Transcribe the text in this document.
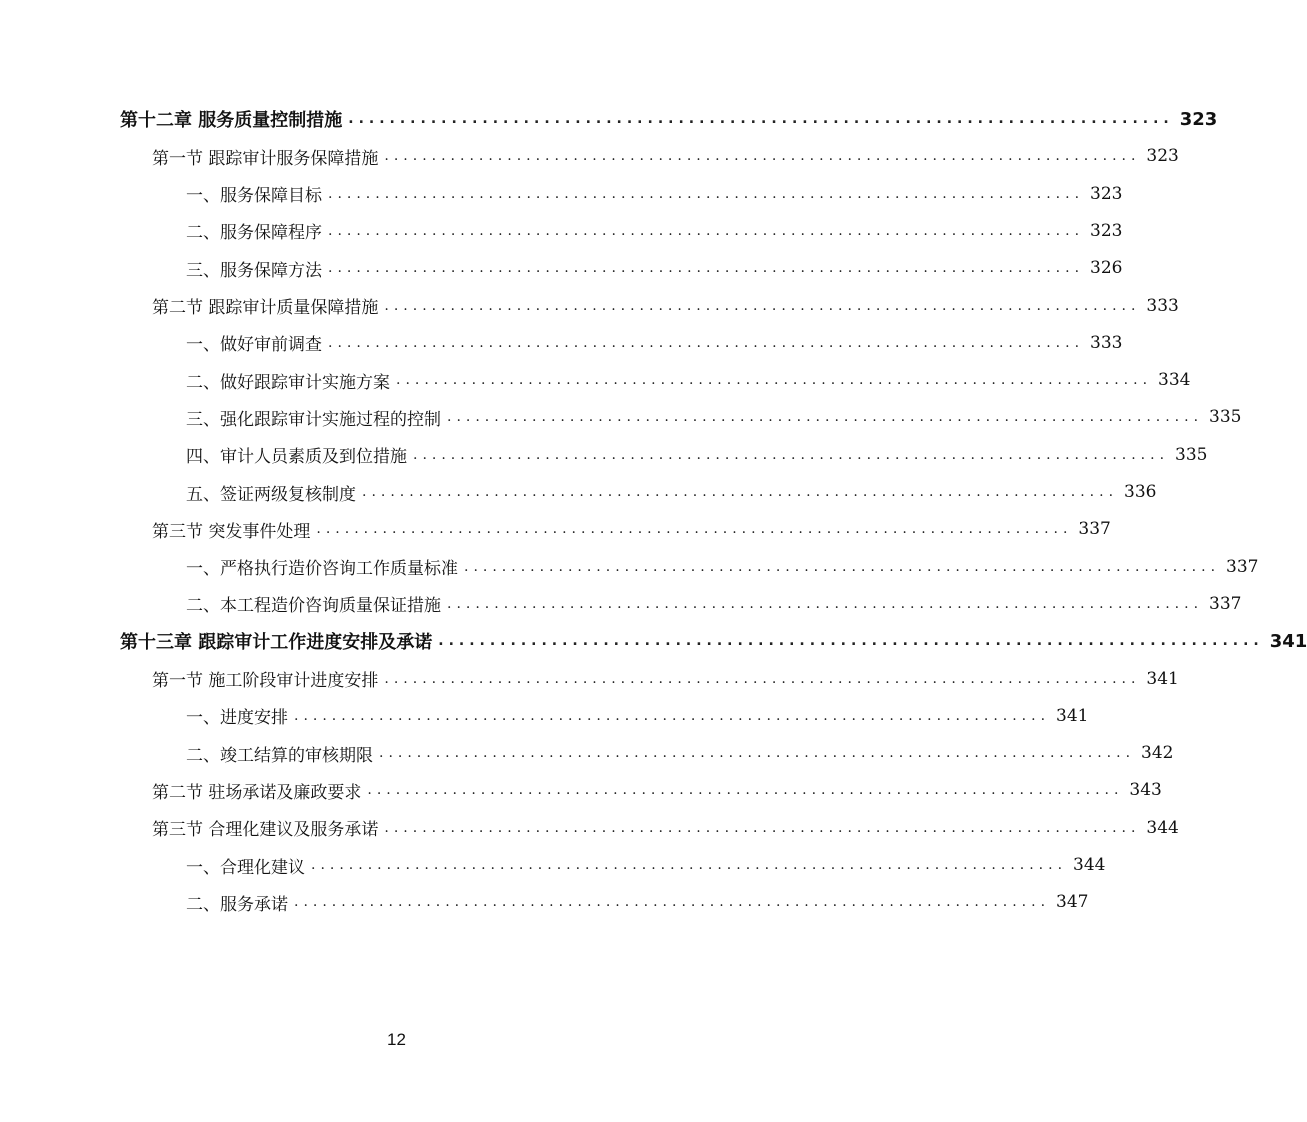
第十二章 服务质量控制措施 ................................................................................ 323
第一节 跟踪审计服务保障措施 ................................................................................ 323
一、服务保障目标 ................................................................................ 323
二、服务保障程序 ................................................................................ 323
三、服务保障方法 ................................................................................ 326
第二节 跟踪审计质量保障措施 ................................................................................ 333
一、做好审前调查 ................................................................................ 333
二、做好跟踪审计实施方案 ................................................................................ 334
三、强化跟踪审计实施过程的控制 ................................................................................ 335
四、审计人员素质及到位措施 ................................................................................ 335
五、签证两级复核制度 ................................................................................ 336
第三节 突发事件处理 ................................................................................ 337
一、严格执行造价咨询工作质量标准 ................................................................................ 337
二、本工程造价咨询质量保证措施 ................................................................................ 337
第十三章 跟踪审计工作进度安排及承诺 ................................................................................ 341
第一节 施工阶段审计进度安排 ................................................................................ 341
一、进度安排 ................................................................................ 341
二、竣工结算的审核期限 ................................................................................ 342
第二节 驻场承诺及廉政要求 ................................................................................ 343
第三节 合理化建议及服务承诺 ................................................................................ 344
一、合理化建议 ................................................................................ 344
二、服务承诺 ................................................................................ 347
12
